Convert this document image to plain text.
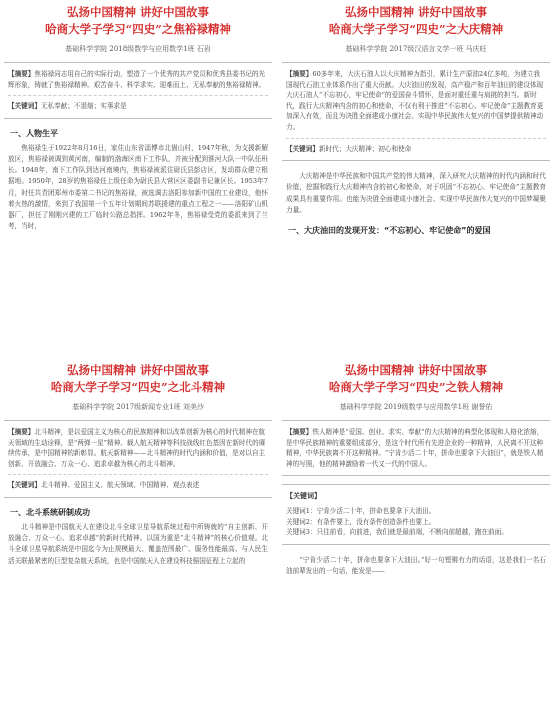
弘扬中国精神 讲好中国故事

哈商大学子学习“四史”之焦裕禄精神

基础科学学院 2018级数学与应用数学1班 石岩
【摘要】焦裕禄同志用自己的实际行动，塑造了一个优秀的共产党员和优秀县委书记的光辉形象，铸就了焦裕禄精神。艰苦奋斗、科学求实、迎难而上、无私奉献的焦裕禄精神。
【关键词】无私奉献；不退缩；实事求是
一、人物生平

焦裕禄生于1922年8月16日，家住山东省淄博市北崮山村，1947年秋，为支援新解放区，焦裕禄被调到黄河南，编制的渤海区南下工作队，并被分配到淮河大队一中队任班长。1948年，南下工作队到达河南境内，焦裕禄被派往尉氏县彭店区，发动群众建立根据地。1950年，28岁的焦裕禄任上级任命为尉氏县大营区区委副书记兼区长。1953年7月，时任共青团郑州市委第二书记的焦裕禄，被选调去洛阳参加新中国的工业建设，他怀着火热的激情，来到了我国第一个五年计划期间苏联援建的重点工程之一——洛阳矿山机器厂，担任了刚刚兴建的工厂临时公路总指挥。1962年冬，焦裕禄受党的委派来到了兰考，当时，

弘扬中国精神 讲好中国故事

哈商大学子学习“四史”之大庆精神

基础科学学院 2017级汉语言文学一班 马庆旺
【摘要】60多年来，大庆石油人以大庆精神为指引，累计生产原油24亿多吨，为建立我国现代石油工业体系作出了重大贡献。大庆油田的发现，高产稳产和百年油田的建设体现大庆石油人“不忘初心，牢记使命”的爱国奋斗情怀，是面对重任重与肩挑的担当。新时代，践行大庆精神内含的初心和使命，不仅有利于推进“不忘初心、牢记使命”主题教育更加深入有效，而且为决胜全面建成小康社会、实现中华民族伟大复兴的中国梦提供精神动力。
【关键词】新时代；大庆精神；初心和使命

大庆精神是中华民族和中国共产党的伟大精神，深入研究大庆精神的时代内涵和时代价值，挖掘和践行大庆精神内含的初心和使命，对于巩固“不忘初心、牢记使命”主题教育成果具有重要作用。也能为决胜全面建成小康社会、实现中华民族伟大复兴的中国梦凝聚力量。

一、大庆油田的发现开发：“不忘初心、牢记使命”的爱国

弘扬中国精神 讲好中国故事

哈商大学子学习“四史”之北斗精神

基础科学学院 2017级新闻专业1班 刘美沙
【摘要】北斗精神，是以爱国主义为核心的民族精神和以改革创新为核心的时代精神在航天领域的生动诠释，是“两弹一星”精神、载人航天精神等科技战线红色基因在新时代的赓续传承，是中国精神的新彰显。航天新精神——北斗精神的时代内涵和价值，是对以自主创新、开放融合、万众一心、追求卓越为核心的北斗精神。
【关键词】北斗精神、爱国主义、航天领域、中国精神、观点表述
一、北斗系统研制成功

北斗精神是中国航天人在建设北斗全球卫星导航系统过程中所铸就的“自主创新、开放融合、万众一心、追求卓越”的新时代精神。以国为重是“北斗精神”的核心价值观。北斗全球卫星导航系统是中国迄今为止规模最大、覆盖范围最广、服务性能最高、与人民生活关联最紧密的巨型复杂航天系统，也是中国航天人在建设科技强国征程上立起的

弘扬中国精神 讲好中国故事

哈商大学子学习“四史”之铁人精神

基础科学学院 2019级数学与应用数学1班 谢誉佑
【摘要】铁人精神是“爱国、创业、求实、奉献”的大庆精神的典型化体现和人格化浓缩，是中华民族精神的重要组成部分，是这个时代所有先进企业的一种精神，人民离不开这种精神，中华民族离不开这种精神。“宁肯少活二十年，拼命也要拿下大油田”，就是铁人精神的写照，他的精神激励着一代又一代的中国人。
【关键词】
关键词1：宁肯少活二十年，拼命也要拿下大油田。
关键词2：有条件要上，没有条件创造条件也要上。
关键词3：只往前看，向前进，我们就是最前端，不断向前超越，跑在前面。

“宁肯少活二十年，拼命也要拿下大油田。”好一句铿锵有力的话语，这是我们一名石油前辈发出的一句话，能发是——
